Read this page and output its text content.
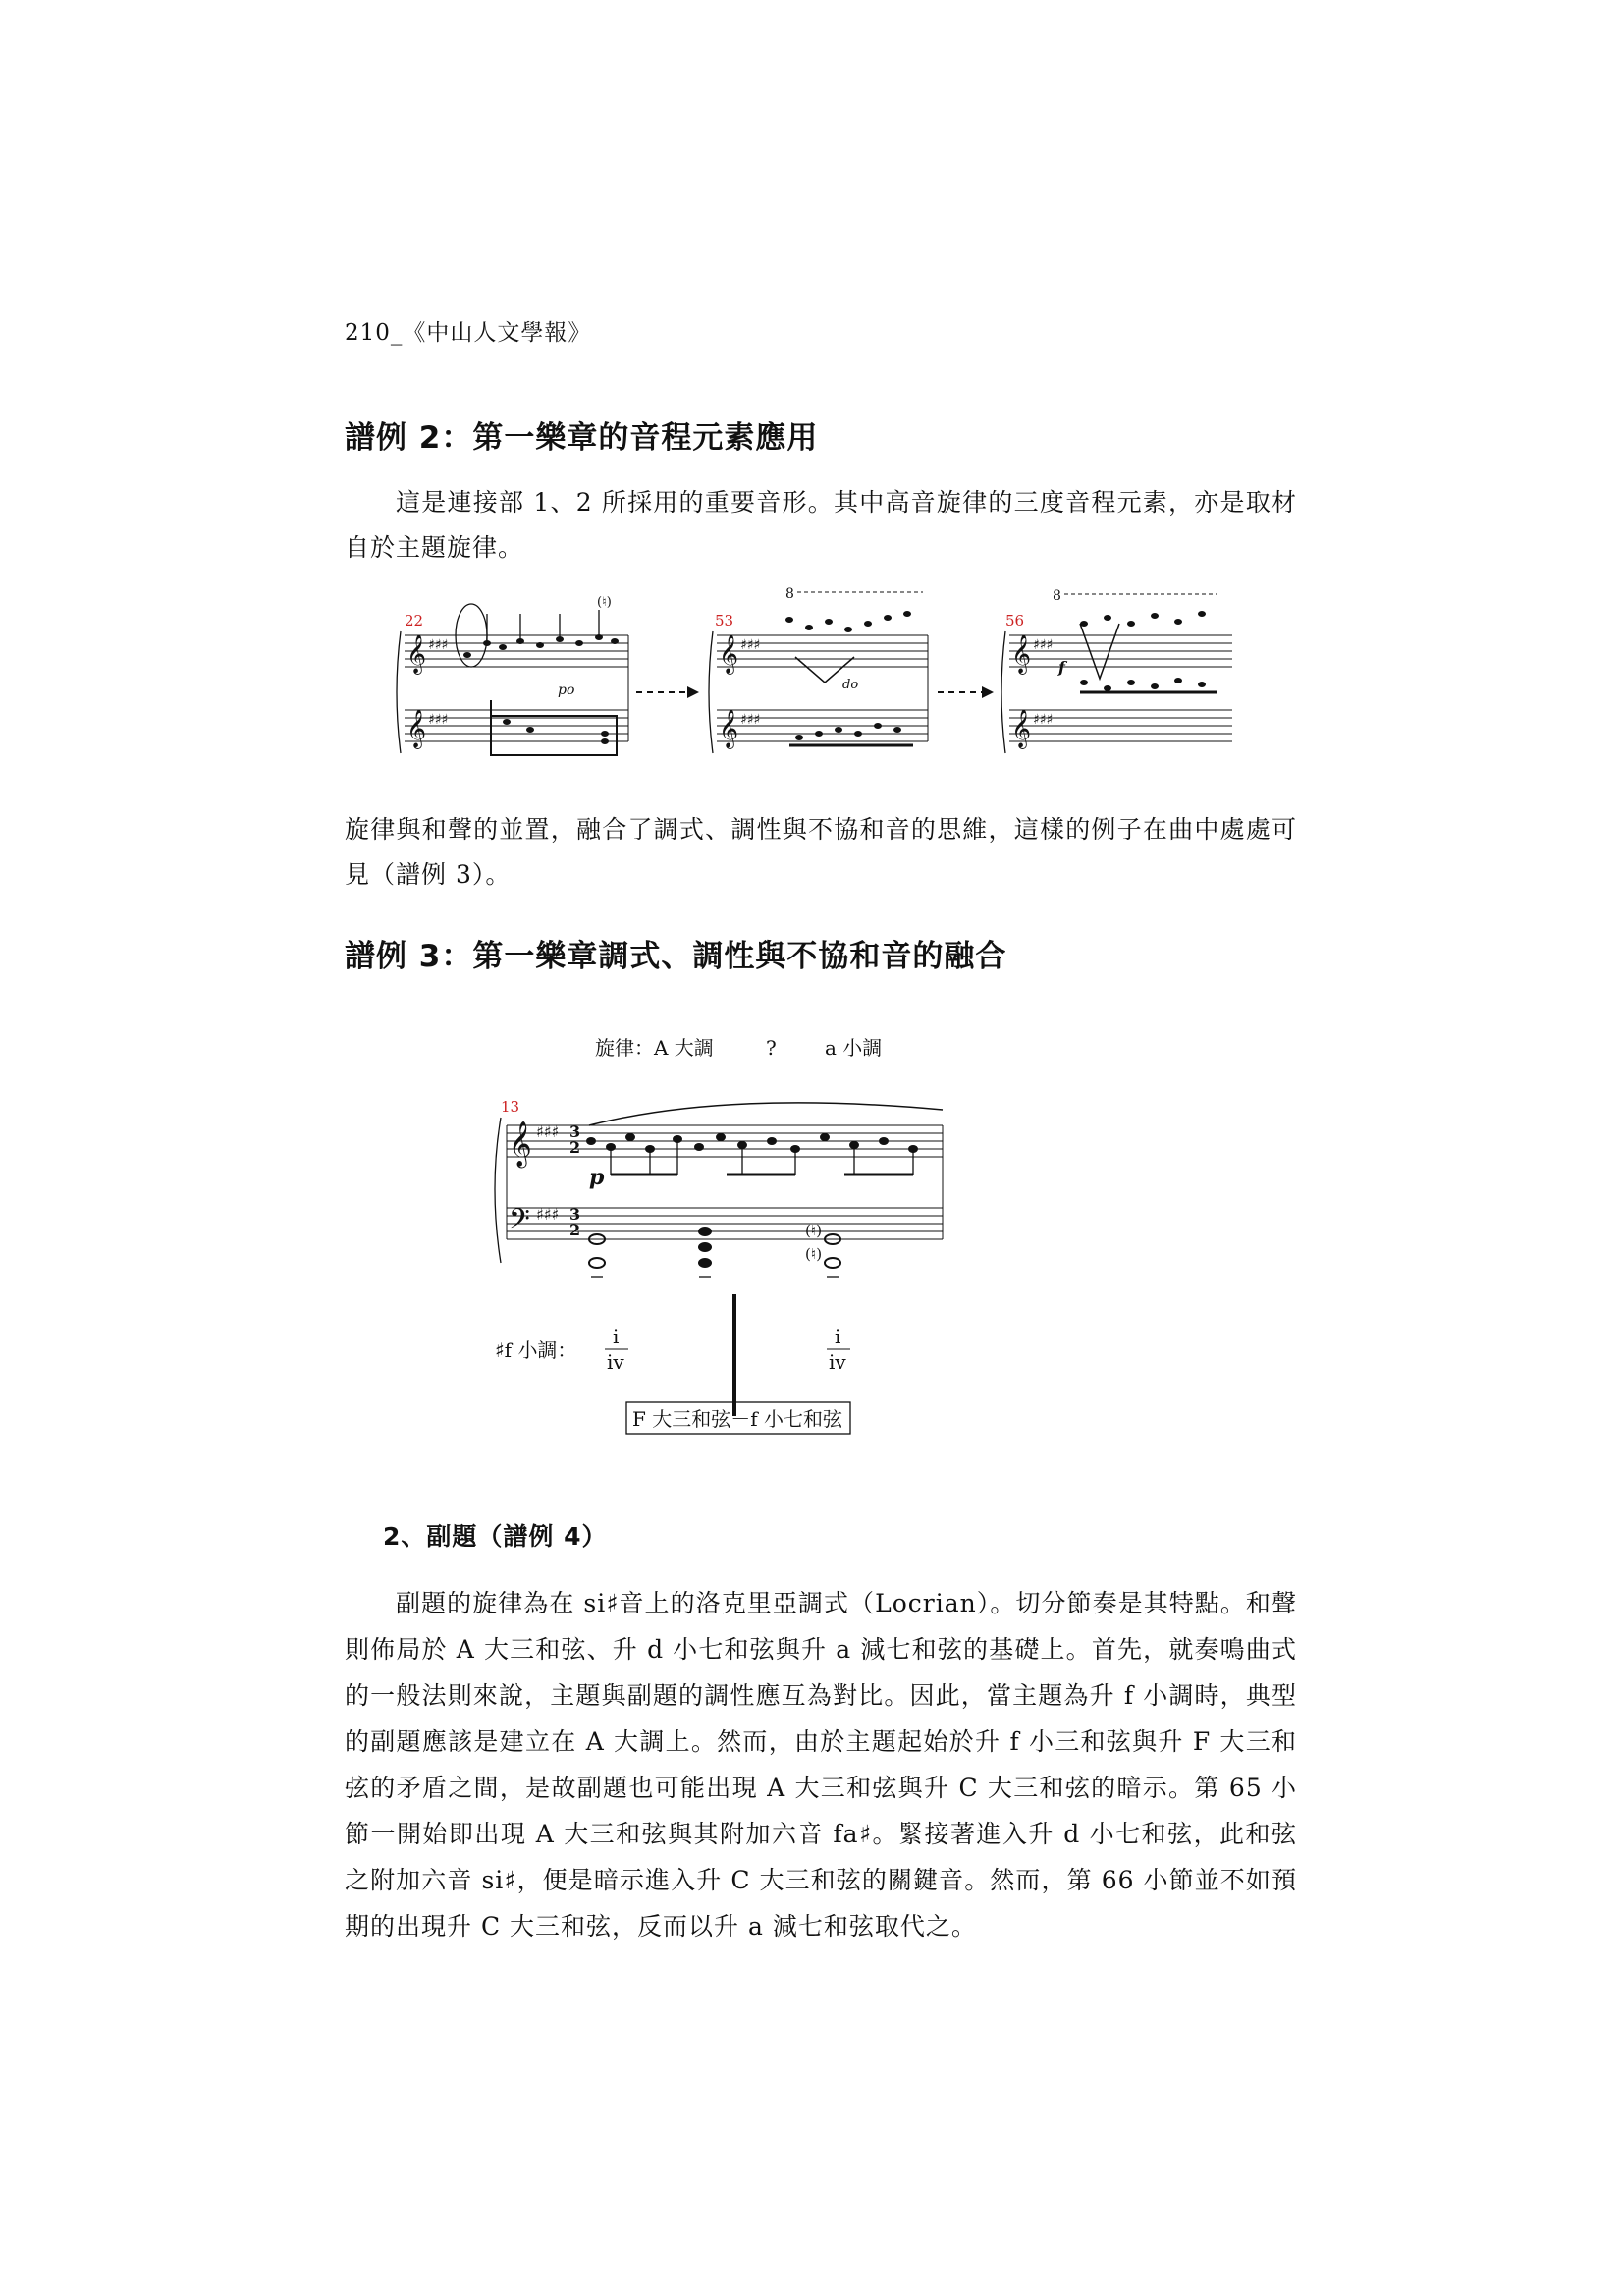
210_《中山人文學報》
譜例 2：第一樂章的音程元素應用
這是連接部 1、2 所採用的重要音形。其中高音旋律的三度音程元素，亦是取材自於主題旋律。
22
𝄞
𝄞
♯♯♯
♯♯♯
(♮)
po
53
8
𝄞
𝄞
♯♯♯
♯♯♯
do
56
8
𝄞
𝄞
♯♯♯
♯♯♯
f
旋律與和聲的並置，融合了調式、調性與不協和音的思維，這樣的例子在曲中處處可見（譜例 3）。
譜例 3：第一樂章調式、調性與不協和音的融合
旋律：A 大調	? a 小調
13
𝄞
𝄢
♯♯♯
♯♯♯
3
2
3
2
p
(♮)
(♮)
♯f 小調：
i
iv
i
iv
F 大三和弦－f 小七和弦
2、副題（譜例 4）
副題的旋律為在 si♯音上的洛克里亞調式（Locrian）。切分節奏是其特點。和聲則佈局於 A 大三和弦、升 d 小七和弦與升 a 減七和弦的基礎上。首先，就奏鳴曲式的一般法則來說，主題與副題的調性應互為對比。因此，當主題為升 f 小調時，典型的副題應該是建立在 A 大調上。然而，由於主題起始於升 f 小三和弦與升 F 大三和弦的矛盾之間，是故副題也可能出現 A 大三和弦與升 C 大三和弦的暗示。第 65 小節一開始即出現 A 大三和弦與其附加六音 fa♯。緊接著進入升 d 小七和弦，此和弦之附加六音 si♯，便是暗示進入升 C 大三和弦的關鍵音。然而，第 66 小節並不如預期的出現升 C 大三和弦，反而以升 a 減七和弦取代之。
